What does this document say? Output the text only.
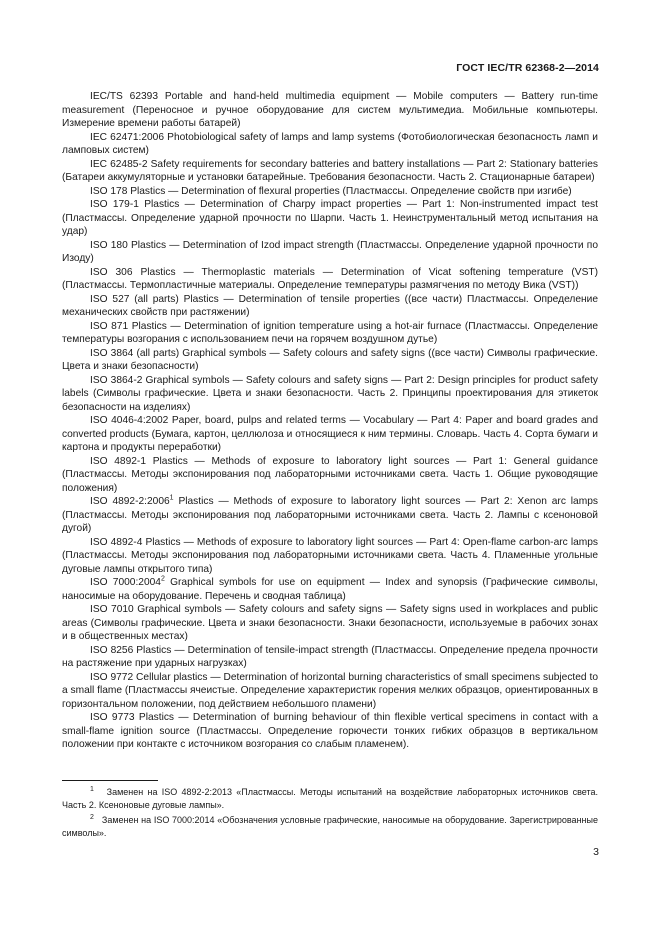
ГОСТ IEC/TR 62368-2—2014

IEC/TS 62393 Portable and hand-held multimedia equipment — Mobile computers — Battery run-time measurement (Переносное и ручное оборудование для систем мультимедиа. Мобильные компьютеры. Измерение времени работы батарей)

IEC 62471:2006 Photobiological safety of lamps and lamp systems (Фотобиологическая безопасность ламп и ламповых систем)

IEC 62485-2 Safety requirements for secondary batteries and battery installations — Part 2: Stationary batteries (Батареи аккумуляторные и установки батарейные. Требования безопасности. Часть 2. Стационарные батареи)

ISO 178 Plastics — Determination of flexural properties (Пластмассы. Определение свойств при изгибе)

ISO 179-1 Plastics — Determination of Charpy impact properties — Part 1: Non-instrumented impact test (Пластмассы. Определение ударной прочности по Шарпи. Часть 1. Неинструментальный метод испытания на удар)

ISO 180 Plastics — Determination of Izod impact strength (Пластмассы. Определение ударной прочности по Изоду)

ISO 306 Plastics — Thermoplastic materials — Determination of Vicat softening temperature (VST)(Пластмассы. Термопластичные материалы. Определение температуры размягчения по методу Вика (VST))

ISO 527 (all parts) Plastics — Determination of tensile properties ((все части) Пластмассы. Определение механических свойств при растяжении)

ISO 871 Plastics — Determination of ignition temperature using a hot-air furnace (Пластмассы. Определение температуры возгорания с использованием печи на горячем воздушном дутье)

ISO 3864 (all parts) Graphical symbols — Safety colours and safety signs ((все части) Символы графические. Цвета и знаки безопасности)

ISO 3864-2 Graphical symbols — Safety colours and safety signs — Part 2: Design principles for product safety labels (Символы графические. Цвета и знаки безопасности. Часть 2. Принципы проектирования для этикеток безопасности на изделиях)

ISO 4046-4:2002 Paper, board, pulps and related terms — Vocabulary — Part 4: Paper and board grades and converted products (Бумага, картон, целлюлоза и относящиеся к ним термины. Словарь. Часть 4. Сорта бумаги и картона и продукты переработки)

ISO 4892-1 Plastics — Methods of exposure to laboratory light sources — Part 1: General guidance (Пластмассы. Методы экспонирования под лабораторными источниками света. Часть 1. Общие руководящие положения)

ISO 4892-2:2006$^1$ Plastics — Methods of exposure to laboratory light sources — Part 2: Xenon arc lamps (Пластмассы. Методы экспонирования под лабораторными источниками света. Часть 2. Лампы с ксеноновой дугой)

ISO 4892-4 Plastics — Methods of exposure to laboratory light sources — Part 4: Open-flame carbon-arc lamps (Пластмассы. Методы экспонирования под лабораторными источниками света. Часть 4. Пламенные угольные дуговые лампы открытого типа)

ISO 7000:2004$^2$ Graphical symbols for use on equipment — Index and synopsis (Графические символы, наносимые на оборудование. Перечень и сводная таблица)

ISO 7010 Graphical symbols — Safety colours and safety signs — Safety signs used in workplaces and public areas (Символы графические. Цвета и знаки безопасности. Знаки безопасности, используемые в рабочих зонах и в общественных местах)

ISO 8256 Plastics — Determination of tensile-impact strength (Пластмассы. Определение предела прочности на растяжение при ударных нагрузках)

ISO 9772 Cellular plastics — Determination of horizontal burning characteristics of small specimens subjected to a small flame (Пластмассы ячеистые. Определение характеристик горения мелких образцов, ориентированных в горизонтальном положении, под действием небольшого пламени)

ISO 9773 Plastics — Determination of burning behaviour of thin flexible vertical specimens in contact with a small-flame ignition source (Пластмассы. Определение горючести тонких гибких образцов в вертикальном положении при контакте с источником возгорания со слабым пламенем).

$^1$ Заменен на ISO 4892-2:2013 «Пластмассы. Методы испытаний на воздействие лабораторных источников света. Часть 2. Ксеноновые дуговые лампы».

$^2$ Заменен на ISO 7000:2014 «Обозначения условные графические, наносимые на оборудование. Зарегистрированные символы».

3
